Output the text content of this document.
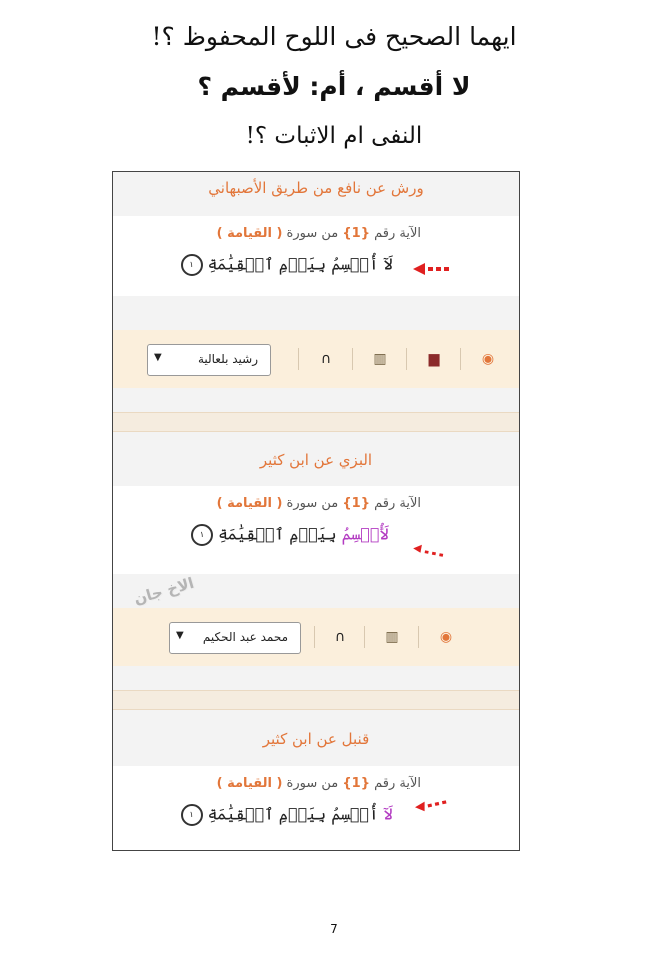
ايهما الصحيح فى اللوح المحفوظ ؟!
لا أقسم ، أم: لأقسم ؟
النفى ام الاثبات ؟!
ورش عن نافع من طريق الأصبهاني
الآية رقم {1} من سورة ( القيامة )
لَآ أُقۡسِمُ بِيَوۡمِ ٱلۡقِيَٰمَةِ ١
◉
▆
▥
∩
رشيد بلعالية
▼
البزي عن ابن كثير
الآية رقم {1} من سورة ( القيامة )
لَأُقۡسِمُ بِيَوۡمِ ٱلۡقِيَٰمَةِ ١
◉
▥
∩
محمد عبد الحكيم
▼
الاخ جان
قنبل عن ابن كثير
الآية رقم {1} من سورة ( القيامة )
لَآ أُقۡسِمُ بِيَوۡمِ ٱلۡقِيَٰمَةِ ١
7
